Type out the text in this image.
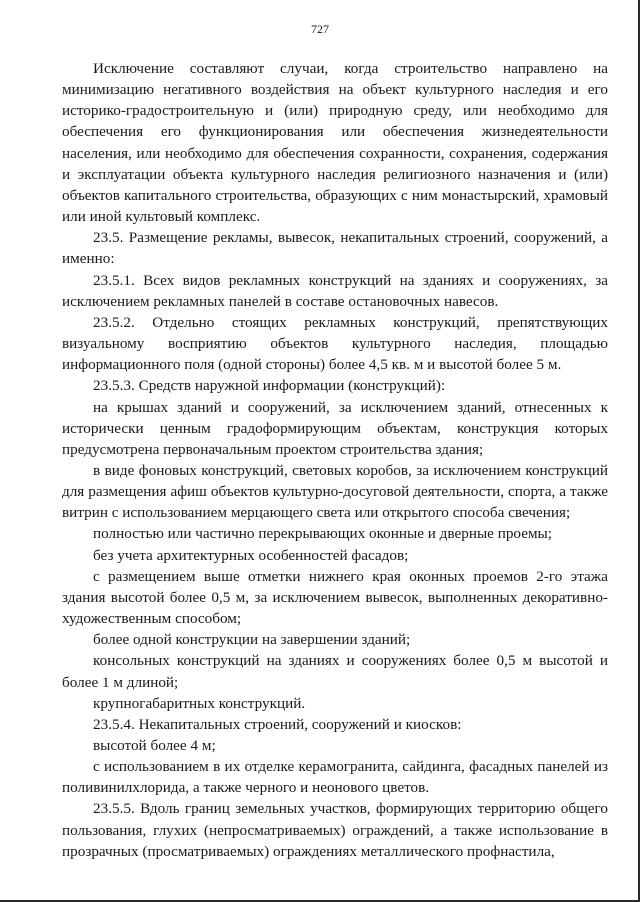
727

Исключение составляют случаи, когда строительство направлено на минимизацию негативного воздействия на объект культурного наследия и его историко-градостроительную и (или) природную среду, или необходимо для обеспечения его функционирования или обеспечения жизнедеятельности населения, или необходимо для обеспечения сохранности, сохранения, содержания и эксплуатации объекта культурного наследия религиозного назначения и (или) объектов капитального строительства, образующих с ним монастырский, храмовый или иной культовый комплекс.

23.5. Размещение рекламы, вывесок, некапитальных строений, сооружений, а именно:

23.5.1. Всех видов рекламных конструкций на зданиях и сооружениях, за исключением рекламных панелей в составе остановочных навесов.

23.5.2. Отдельно стоящих рекламных конструкций, препятствующих визуальному восприятию объектов культурного наследия, площадью информационного поля (одной стороны) более 4,5 кв. м и высотой более 5 м.

23.5.3. Средств наружной информации (конструкций):

на крышах зданий и сооружений, за исключением зданий, отнесенных к исторически ценным градоформирующим объектам, конструкция которых предусмотрена первоначальным проектом строительства здания;

в виде фоновых конструкций, световых коробов, за исключением конструкций для размещения афиш объектов культурно-досуговой деятельности, спорта, а также витрин с использованием мерцающего света или открытого способа свечения;

полностью или частично перекрывающих оконные и дверные проемы;

без учета архитектурных особенностей фасадов;

с размещением выше отметки нижнего края оконных проемов 2-го этажа здания высотой более 0,5 м, за исключением вывесок, выполненных декоративно-художественным способом;

более одной конструкции на завершении зданий;

консольных конструкций на зданиях и сооружениях более 0,5 м высотой и более 1 м длиной;

крупногабаритных конструкций.

23.5.4. Некапитальных строений, сооружений и киосков:

высотой более 4 м;

с использованием в их отделке керамогранита, сайдинга, фасадных панелей из поливинилхлорида, а также черного и неонового цветов.

23.5.5. Вдоль границ земельных участков, формирующих территорию общего пользования, глухих (непросматриваемых) ограждений, а также использование в прозрачных (просматриваемых) ограждениях металлического профнастила,
